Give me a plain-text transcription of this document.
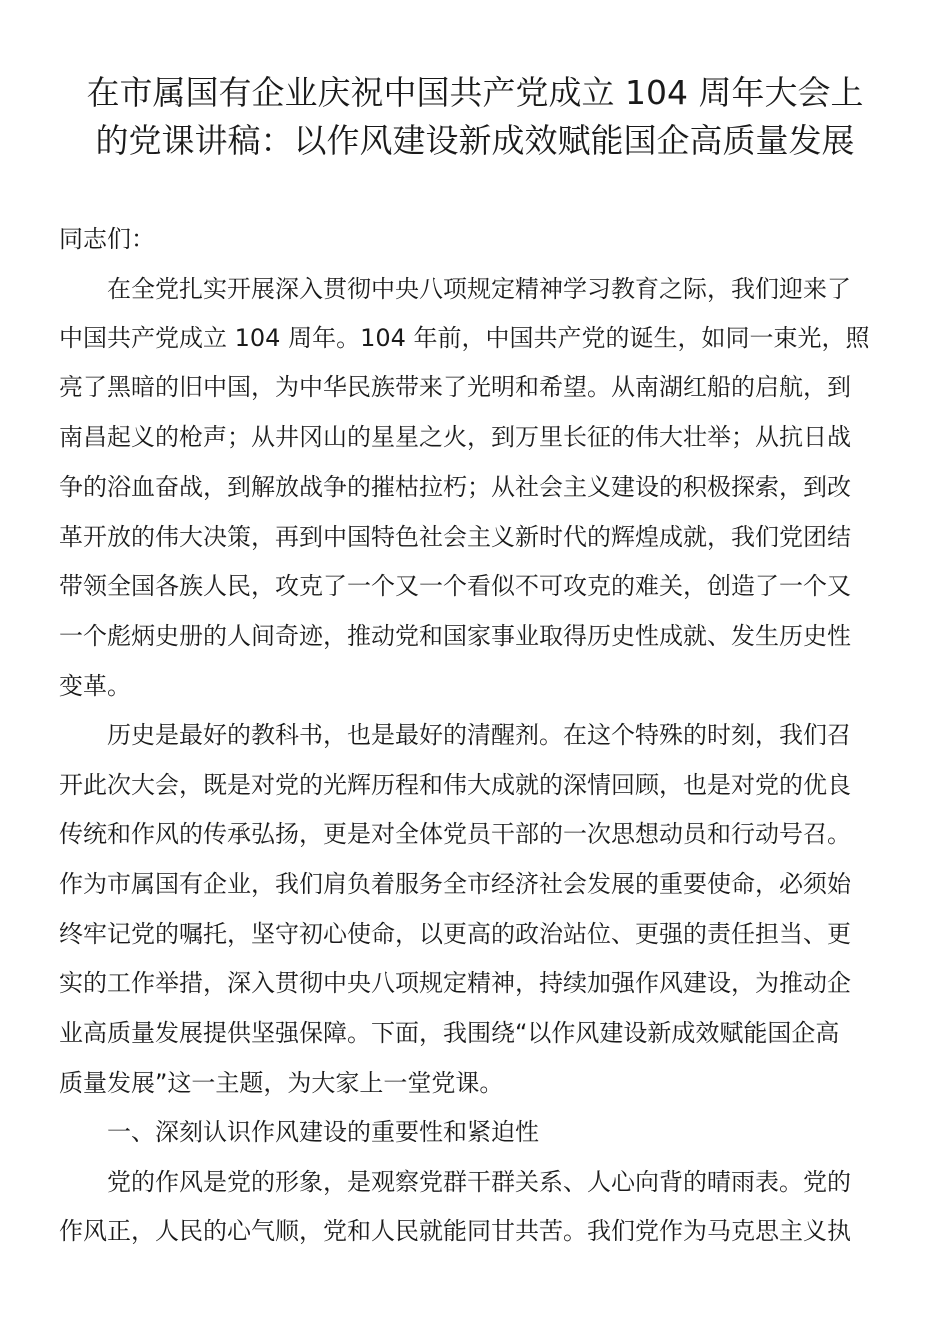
在市属国有企业庆祝中国共产党成立 104 周年大会上
的党课讲稿：以作风建设新成效赋能国企高质量发展

同志们：

在全党扎实开展深入贯彻中央八项规定精神学习教育之际，我们迎来了

中国共产党成立 104 周年。104 年前，中国共产党的诞生，如同一束光，照

亮了黑暗的旧中国，为中华民族带来了光明和希望。从南湖红船的启航，到

南昌起义的枪声；从井冈山的星星之火，到万里长征的伟大壮举；从抗日战

争的浴血奋战，到解放战争的摧枯拉朽；从社会主义建设的积极探索，到改

革开放的伟大决策，再到中国特色社会主义新时代的辉煌成就，我们党团结

带领全国各族人民，攻克了一个又一个看似不可攻克的难关，创造了一个又

一个彪炳史册的人间奇迹，推动党和国家事业取得历史性成就、发生历史性

变革。

历史是最好的教科书，也是最好的清醒剂。在这个特殊的时刻，我们召

开此次大会，既是对党的光辉历程和伟大成就的深情回顾，也是对党的优良

传统和作风的传承弘扬，更是对全体党员干部的一次思想动员和行动号召。

作为市属国有企业，我们肩负着服务全市经济社会发展的重要使命，必须始

终牢记党的嘱托，坚守初心使命，以更高的政治站位、更强的责任担当、更

实的工作举措，深入贯彻中央八项规定精神，持续加强作风建设，为推动企

业高质量发展提供坚强保障。下面，我围绕“以作风建设新成效赋能国企高

质量发展”这一主题，为大家上一堂党课。

一、深刻认识作风建设的重要性和紧迫性

党的作风是党的形象，是观察党群干群关系、人心向背的晴雨表。党的

作风正，人民的心气顺，党和人民就能同甘共苦。我们党作为马克思主义执
